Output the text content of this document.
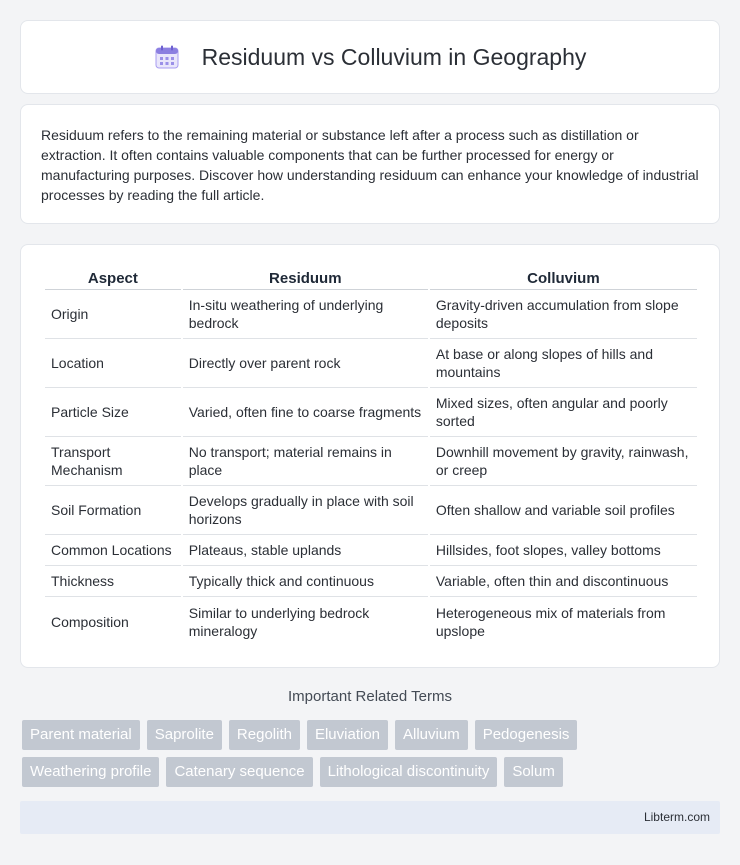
Residuum vs Colluvium in Geography

Residuum refers to the remaining material or substance left after a process such as distillation or extraction. It often contains valuable components that can be further processed for energy or manufacturing purposes. Discover how understanding residuum can enhance your knowledge of industrial processes by reading the full article.

Aspect	Residuum	Colluvium
Origin	In-situ weathering of underlying bedrock	Gravity-driven accumulation from slope deposits
Location	Directly over parent rock	At base or along slopes of hills and mountains
Particle Size	Varied, often fine to coarse fragments	Mixed sizes, often angular and poorly sorted
Transport Mechanism	No transport; material remains in place	Downhill movement by gravity, rainwash, or creep
Soil Formation	Develops gradually in place with soil horizons	Often shallow and variable soil profiles
Common Locations	Plateaus, stable uplands	Hillsides, foot slopes, valley bottoms
Thickness	Typically thick and continuous	Variable, often thin and discontinuous
Composition	Similar to underlying bedrock mineralogy	Heterogeneous mix of materials from upslope
Important Related Terms
Parent material	Saprolite	Regolith	Eluviation	Alluvium	Pedogenesis
Weathering profile	Catenary sequence	Lithological discontinuity	Solum
Libterm.com
